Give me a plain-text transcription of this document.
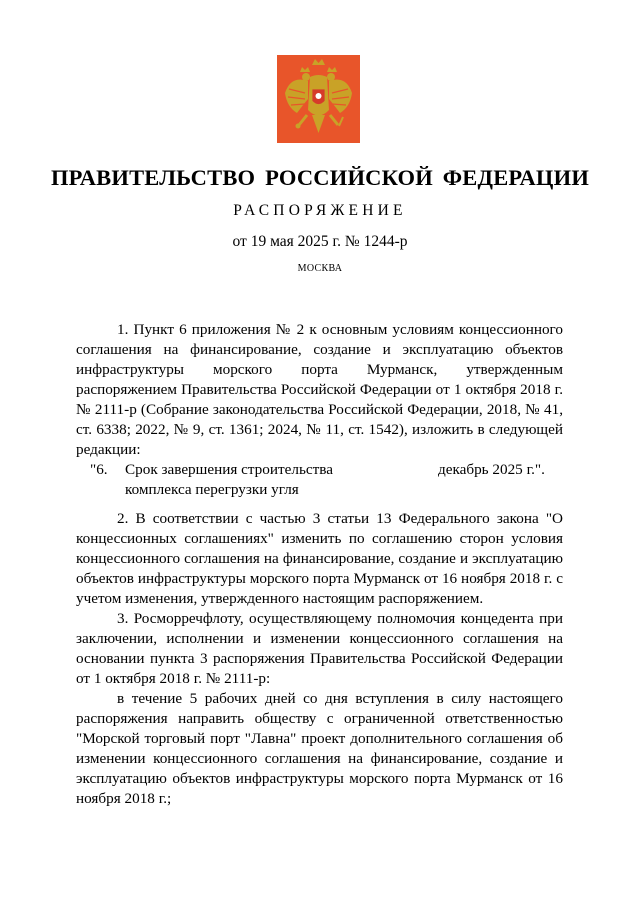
ПРАВИТЕЛЬСТВО РОССИЙСКОЙ ФЕДЕРАЦИИ
РАСПОРЯЖЕНИЕ
от 19 мая 2025 г. № 1244-р
МОСКВА

1. Пункт 6 приложения № 2 к основным условиям концессионного соглашения на финансирование, создание и эксплуатацию объектов инфраструктуры морского порта Мурманск, утвержденным распоряжением Правительства Российской Федерации от 1 октября 2018 г. № 2111-р (Собрание законодательства Российской Федерации, 2018, № 41, ст. 6338; 2022, № 9, ст. 1361; 2024, № 11, ст. 1542), изложить в следующей редакции:

"6.	Срок завершения строительства комплекса перегрузки угля
декабрь 2025 г.".

2. В соответствии с частью 3 статьи 13 Федерального закона "О концессионных соглашениях" изменить по соглашению сторон условия концессионного соглашения на финансирование, создание и эксплуатацию объектов инфраструктуры морского порта Мурманск от 16 ноября 2018 г. с учетом изменения, утвержденного настоящим распоряжением.

3. Росморречфлоту, осуществляющему полномочия концедента при заключении, исполнении и изменении концессионного соглашения на основании пункта 3 распоряжения Правительства Российской Федерации от 1 октября 2018 г. № 2111-р:

в течение 5 рабочих дней со дня вступления в силу настоящего распоряжения направить обществу с ограниченной ответственностью "Морской торговый порт "Лавна" проект дополнительного соглашения об изменении концессионного соглашения на финансирование, создание и эксплуатацию объектов инфраструктуры морского порта Мурманск от 16 ноября 2018 г.;
